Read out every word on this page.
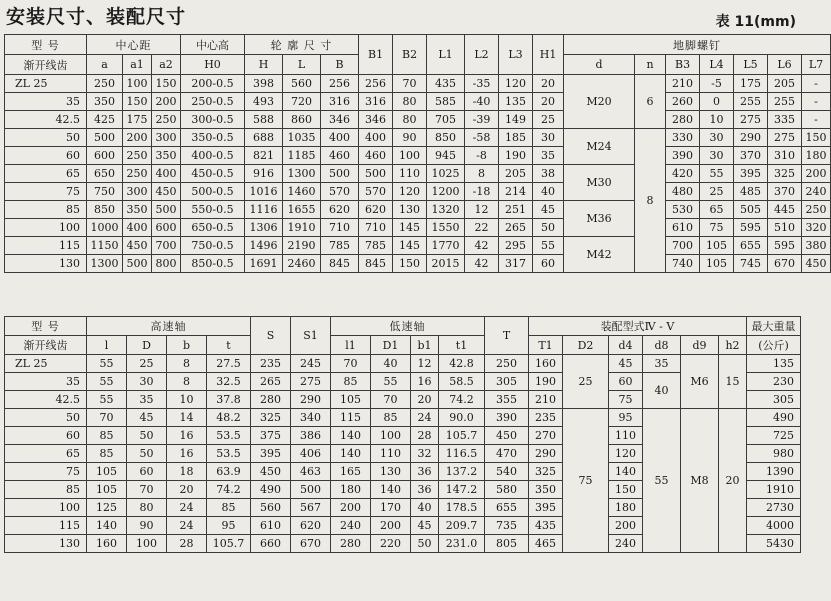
安装尺寸、装配尺寸	表 11(mm)
型 号	中心距			中心高	轮 廓 尺 寸			B1	B2	L1	L2	L3	H1	地脚螺钉						
渐开线齿	a	a1	a2	H0	H	L	B							d	n	B3	L4	L5	L6	L7
ZL 25	250	100	150	200-0.5	398	560	256	256	70	435	-35	120	20	M20	6	210	-5	175	205	-
35	350	150	200	250-0.5	493	720	316	316	80	585	-40	135	20			260	0	255	255	-
42.5	425	175	250	300-0.5	588	860	346	346	80	705	-39	149	25			280	10	275	335	-
50	500	200	300	350-0.5	688	1035	400	400	90	850	-58	185	30	M24	8	330	30	290	275	150
60	600	250	350	400-0.5	821	1185	460	460	100	945	-8	190	35			390	30	370	310	180
65	650	250	400	450-0.5	916	1300	500	500	110	1025	8	205	38	M30		420	55	395	325	200
75	750	300	450	500-0.5	1016	1460	570	570	120	1200	-18	214	40			480	25	485	370	240
85	850	350	500	550-0.5	1116	1655	620	620	130	1320	12	251	45	M36		530	65	505	445	250
100	1000	400	600	650-0.5	1306	1910	710	710	145	1550	22	265	50			610	75	595	510	320
115	1150	450	700	750-0.5	1496	2190	785	785	145	1770	42	295	55	M42		700	105	655	595	380
130	1300	500	800	850-0.5	1691	2460	845	845	150	2015	42	317	60			740	105	745	670	450
型 号	高速轴				S	S1	低速轴				T	装配型式Ⅳ - Ⅴ						最大重量
渐开线齿	l	D	b	t			l1	D1	b1	t1		T1	D2	d4	d8	d9	h2	(公斤)
ZL 25	55	25	8	27.5	235	245	70	40	12	42.8	250	160	25	45	35	M6	15	135
35	55	30	8	32.5	265	275	85	55	16	58.5	305	190		60	40			230
42.5	55	35	10	37.8	280	290	105	70	20	74.2	355	210		75				305
50	70	45	14	48.2	325	340	115	85	24	90.0	390	235	75	95	55	M8	20	490
60	85	50	16	53.5	375	386	140	100	28	105.7	450	270		110				725
65	85	50	16	53.5	395	406	140	110	32	116.5	470	290		120				980
75	105	60	18	63.9	450	463	165	130	36	137.2	540	325		140				1390
85	105	70	20	74.2	490	500	180	140	36	147.2	580	350		150				1910
100	125	80	24	85	560	567	200	170	40	178.5	655	395		180				2730
115	140	90	24	95	610	620	240	200	45	209.7	735	435		200				4000
130	160	100	28	105.7	660	670	280	220	50	231.0	805	465		240				5430
